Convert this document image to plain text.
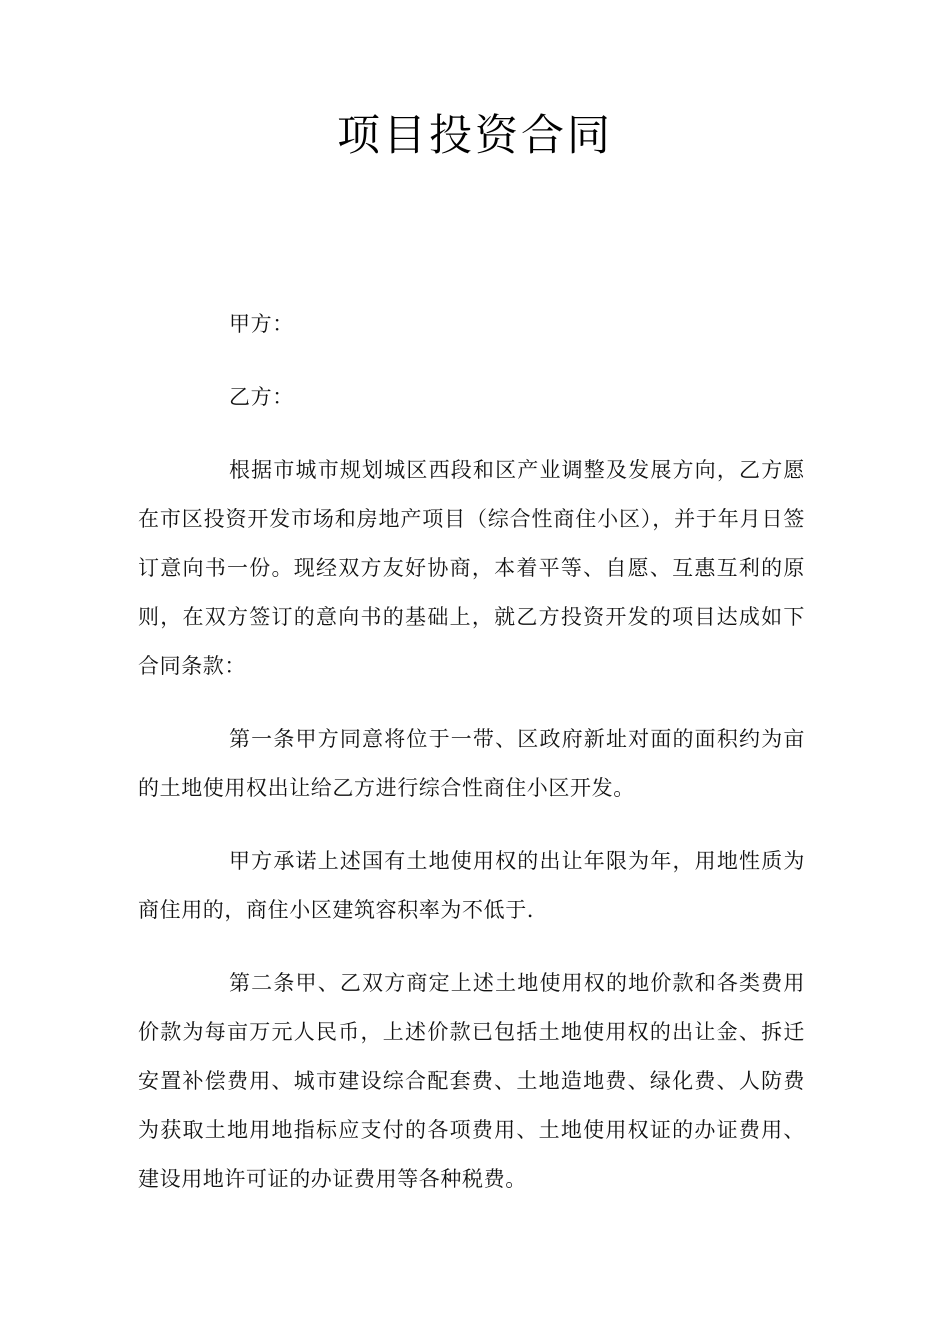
项目投资合同

甲方：

乙方：

根据市城市规划城区西段和区产业调整及发展方向，乙方愿在市区投资开发市场和房地产项目（综合性商住小区），并于年月日签订意向书一份。现经双方友好协商，本着平等、自愿、互惠互利的原则，在双方签订的意向书的基础上，就乙方投资开发的项目达成如下合同条款：

第一条甲方同意将位于一带、区政府新址对面的面积约为亩的土地使用权出让给乙方进行综合性商住小区开发。

甲方承诺上述国有土地使用权的出让年限为年，用地性质为商住用的，商住小区建筑容积率为不低于.

第二条甲、乙双方商定上述土地使用权的地价款和各类费用价款为每亩万元人民币，上述价款已包括土地使用权的出让金、拆迁安置补偿费用、城市建设综合配套费、土地造地费、绿化费、人防费为获取土地用地指标应支付的各项费用、土地使用权证的办证费用、建设用地许可证的办证费用等各种税费。
